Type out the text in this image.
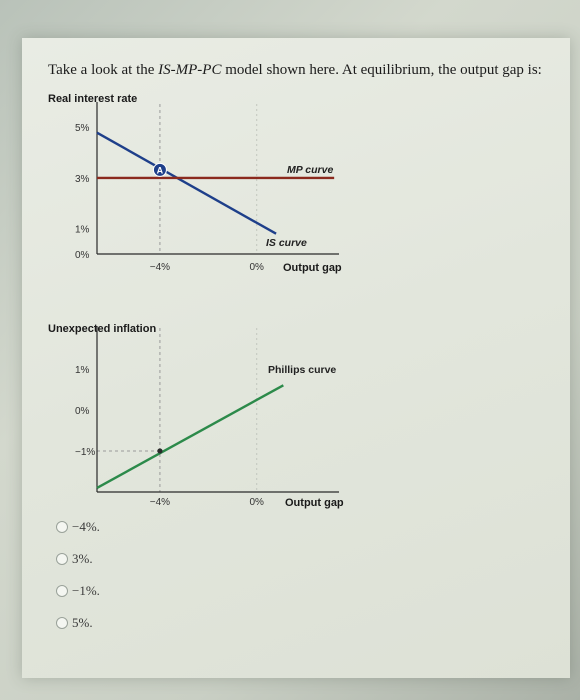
Take a look at the IS-MP-PC model shown here. At equilibrium, the output gap is:
Real interest rate
5%
3%
1%
0%
−4%	0% Output gap
IS curve
MP curve
A
Unexpected inflation
1%
0%
−1%
−4%	0% Output gap
Phillips curve
−4%.
3%.
−1%.
5%.
